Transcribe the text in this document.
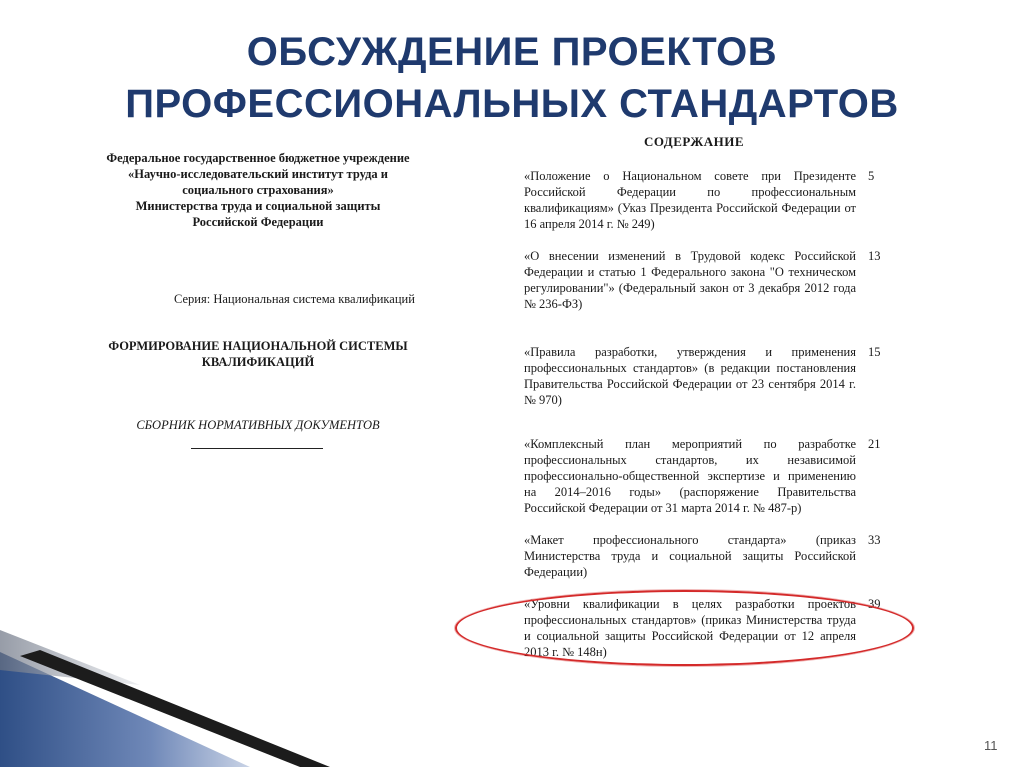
ОБСУЖДЕНИЕ ПРОЕКТОВ
ПРОФЕССИОНАЛЬНЫХ СТАНДАРТОВ
Федеральное государственное бюджетное учреждение
«Научно-исследовательский институт труда и
социального страхования»
Министерства труда и социальной защиты
Российской Федерации
Серия: Национальная система квалификаций
ФОРМИРОВАНИЕ НАЦИОНАЛЬНОЙ СИСТЕМЫ
КВАЛИФИКАЦИЙ
СБОРНИК НОРМАТИВНЫХ ДОКУМЕНТОВ
СОДЕРЖАНИЕ
«Положение о Национальном совете при Президенте Российской Федерации по профессиональным квалификациям» (Указ Президента Российской Федерации от 16 апреля 2014 г. № 249)
5
«О внесении изменений в Трудовой кодекс Российской Федерации и статью 1 Федерального закона "О техническом регулировании"» (Федеральный закон от 3 декабря 2012 года № 236-ФЗ)
13
«Правила разработки, утверждения и применения профессиональных стандартов» (в редакции постановления Правительства Российской Федерации от 23 сентября 2014 г. № 970)
15
«Комплексный план мероприятий по разработке профессиональных стандартов, их независимой профессионально-общественной экспертизе и применению на 2014–2016 годы» (распоряжение Правительства Российской Федерации от 31 марта 2014 г. № 487-р)
21
«Макет профессионального стандарта» (приказ Министерства труда и социальной защиты Российской Федерации)
33
«Уровни квалификации в целях разработки проектов профессиональных стандартов» (приказ Министерства труда и социальной защиты Российской Федерации от 12 апреля 2013 г. № 148н)
39
11
